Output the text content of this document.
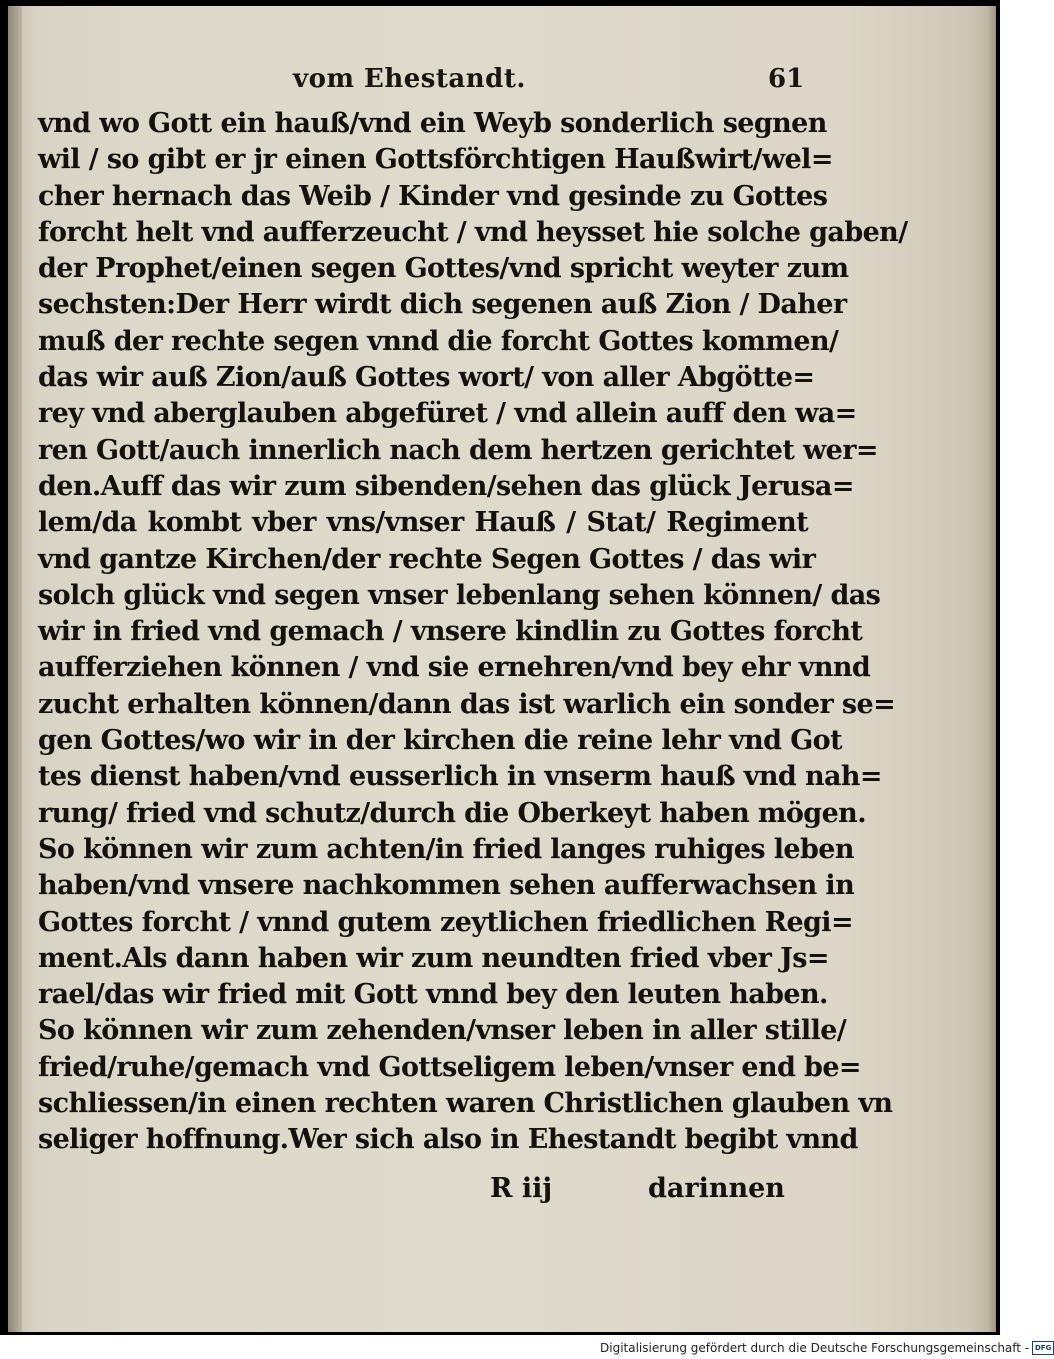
vom Ehestandt.	61
vnd wo Gott ein hauß/vnd ein Weyb sonderlich segnen
wil / so gibt er jr einen Gottsförchtigen Haußwirt/wel=
cher hernach das Weib / Kinder vnd gesinde zu Gottes
forcht helt vnd aufferzeucht / vnd heysset hie solche gaben/
der Prophet/einen segen Gottes/vnd spricht weyter zum
sechsten:Der Herr wirdt dich segenen auß Zion / Daher
muß der rechte segen vnnd die forcht Gottes kommen/
das wir auß Zion/auß Gottes wort/ von aller Abgötte=
rey vnd aberglauben abgefüret / vnd allein auff den wa=
ren Gott/auch innerlich nach dem hertzen gerichtet wer=
den.Auff das wir zum sibenden/sehen das glück Jerusa=
lem/da kombt vber vns/vnser Hauß / Stat/ Regiment
vnd gantze Kirchen/der rechte Segen Gottes / das wir
solch glück vnd segen vnser lebenlang sehen können/ das
wir in fried vnd gemach / vnsere kindlin zu Gottes forcht
aufferziehen können / vnd sie ernehren/vnd bey ehr vnnd
zucht erhalten können/dann das ist warlich ein sonder se=
gen Gottes/wo wir in der kirchen die reine lehr vnd Got
tes dienst haben/vnd eusserlich in vnserm hauß vnd nah=
rung/ fried vnd schutz/durch die Oberkeyt haben mögen.
So können wir zum achten/in fried langes ruhiges leben
haben/vnd vnsere nachkommen sehen aufferwachsen in
Gottes forcht / vnnd gutem zeytlichen friedlichen Regi=
ment.Als dann haben wir zum neundten fried vber Js=
rael/das wir fried mit Gott vnnd bey den leuten haben.
So können wir zum zehenden/vnser leben in aller stille/
fried/ruhe/gemach vnd Gottseligem leben/vnser end be=
schliessen/in einen rechten waren Christlichen glauben vn
seliger hoffnung.Wer sich also in Ehestandt begibt vnnd
R iij	darinnen
Digitalisierung gefördert durch die Deutsche Forschungsgemeinschaft - DFG
